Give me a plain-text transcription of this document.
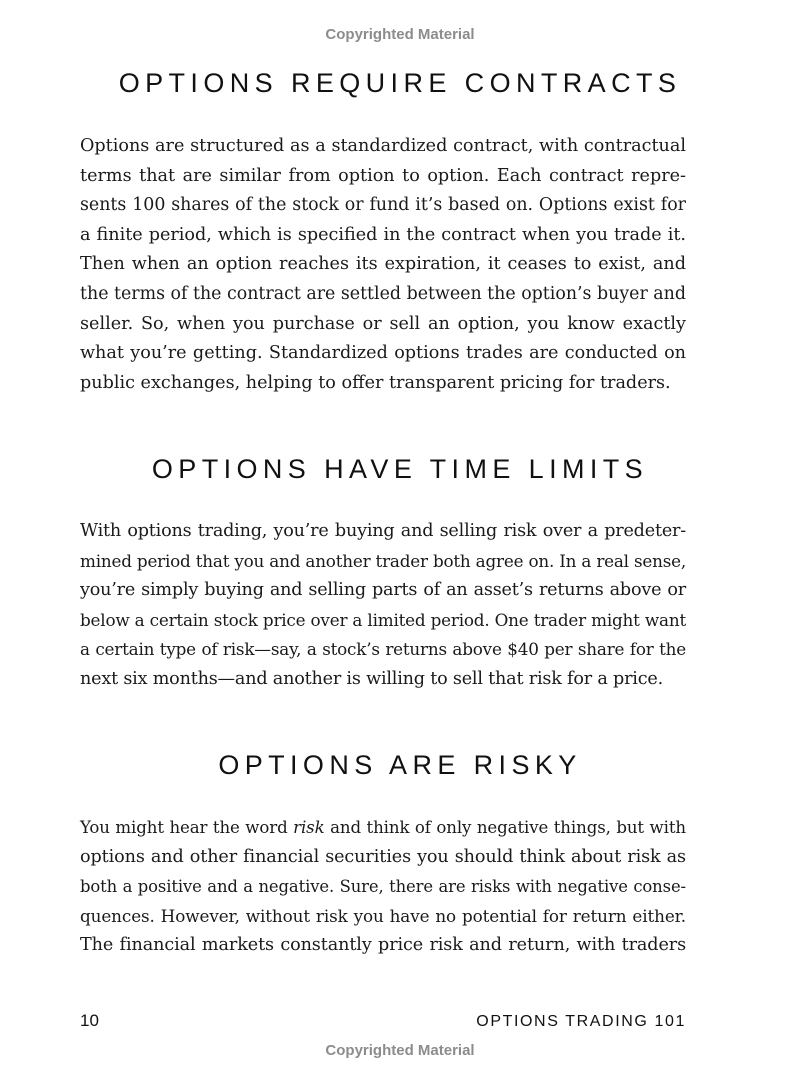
Copyrighted Material
OPTIONS REQUIRE CONTRACTS

Options are structured as a standardized contract, with contractual
terms that are similar from option to option. Each contract repre-
sents 100 shares of the stock or fund it’s based on. Options exist for
a finite period, which is specified in the contract when you trade it.
Then when an option reaches its expiration, it ceases to exist, and
the terms of the contract are settled between the option’s buyer and
seller. So, when you purchase or sell an option, you know exactly
what you’re getting. Standardized options trades are conducted on
public exchanges, helping to offer transparent pricing for traders.

OPTIONS HAVE TIME LIMITS

With options trading, you’re buying and selling risk over a predeter-
mined period that you and another trader both agree on. In a real sense,
you’re simply buying and selling parts of an asset’s returns above or
below a certain stock price over a limited period. One trader might want
a certain type of risk—say, a stock’s returns above $40 per share for the
next six months—and another is willing to sell that risk for a price.

OPTIONS ARE RISKY

You might hear the word risk and think of only negative things, but with
options and other financial securities you should think about risk as
both a positive and a negative. Sure, there are risks with negative conse-
quences. However, without risk you have no potential for return either.
The financial markets constantly price risk and return, with traders

10	OPTIONS TRADING 101
Copyrighted Material
